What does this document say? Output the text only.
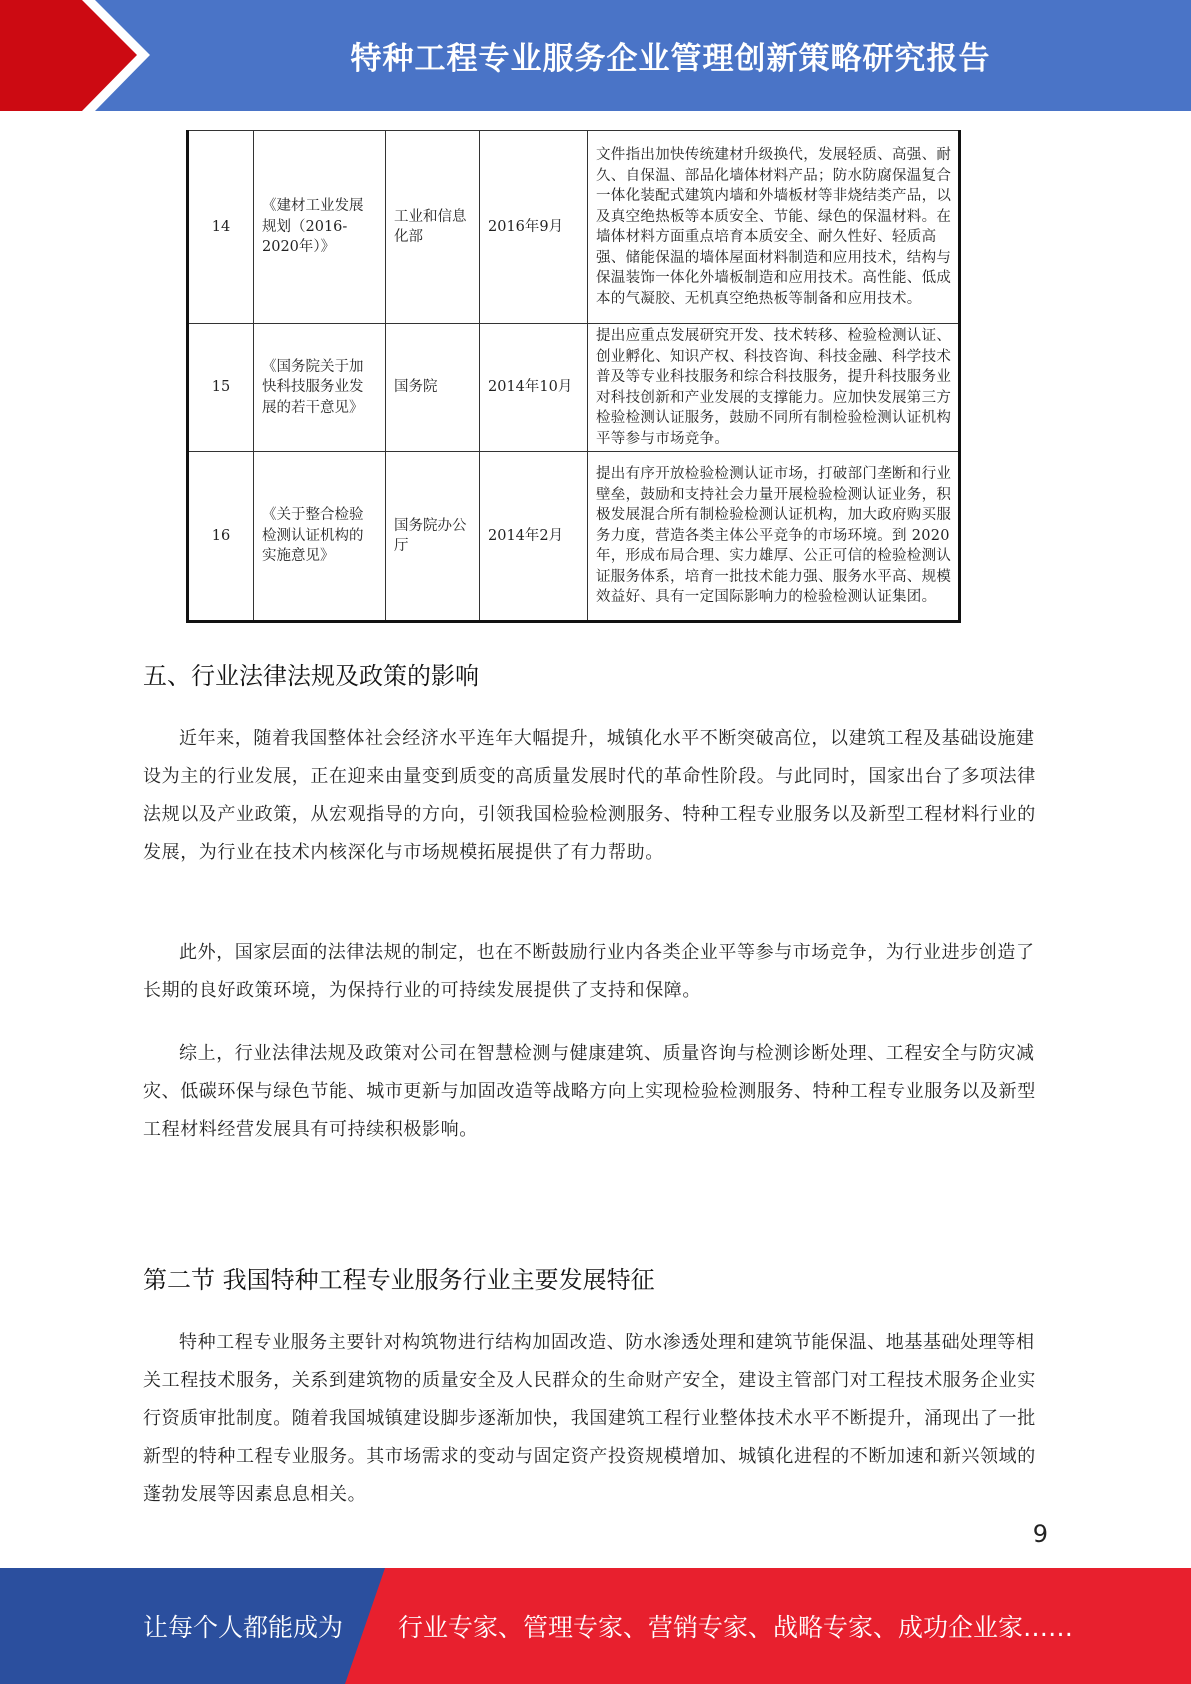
特种工程专业服务企业管理创新策略研究报告
14	《建材工业发展规划（2016-2020年）》	工业和信息化部	2016年9月	文件指出加快传统建材升级换代，发展轻质、高强、耐久、自保温、部品化墙体材料产品；防水防腐保温复合一体化装配式建筑内墙和外墙板材等非烧结类产品，以及真空绝热板等本质安全、节能、绿色的保温材料。在墙体材料方面重点培育本质安全、耐久性好、轻质高强、储能保温的墙体屋面材料制造和应用技术，结构与保温装饰一体化外墙板制造和应用技术。高性能、低成本的气凝胶、无机真空绝热板等制备和应用技术。
15	《国务院关于加快科技服务业发展的若干意见》	国务院	2014年10月	提出应重点发展研究开发、技术转移、检验检测认证、创业孵化、知识产权、科技咨询、科技金融、科学技术普及等专业科技服务和综合科技服务，提升科技服务业对科技创新和产业发展的支撑能力。应加快发展第三方检验检测认证服务，鼓励不同所有制检验检测认证机构平等参与市场竞争。
16	《关于整合检验检测认证机构的实施意见》	国务院办公厅	2014年2月	提出有序开放检验检测认证市场，打破部门垄断和行业壁垒，鼓励和支持社会力量开展检验检测认证业务，积极发展混合所有制检验检测认证机构，加大政府购买服务力度，营造各类主体公平竞争的市场环境。到 2020 年，形成布局合理、实力雄厚、公正可信的检验检测认证服务体系，培育一批技术能力强、服务水平高、规模效益好、具有一定国际影响力的检验检测认证集团。
五、行业法律法规及政策的影响

近年来，随着我国整体社会经济水平连年大幅提升，城镇化水平不断突破高位，以建筑工程及基础设施建设为主的行业发展，正在迎来由量变到质变的高质量发展时代的革命性阶段。与此同时，国家出台了多项法律法规以及产业政策，从宏观指导的方向，引领我国检验检测服务、特种工程专业服务以及新型工程材料行业的发展，为行业在技术内核深化与市场规模拓展提供了有力帮助。

此外，国家层面的法律法规的制定，也在不断鼓励行业内各类企业平等参与市场竞争，为行业进步创造了长期的良好政策环境，为保持行业的可持续发展提供了支持和保障。

综上，行业法律法规及政策对公司在智慧检测与健康建筑、质量咨询与检测诊断处理、工程安全与防灾减灾、低碳环保与绿色节能、城市更新与加固改造等战略方向上实现检验检测服务、特种工程专业服务以及新型工程材料经营发展具有可持续积极影响。

第二节 我国特种工程专业服务行业主要发展特征

特种工程专业服务主要针对构筑物进行结构加固改造、防水渗透处理和建筑节能保温、地基基础处理等相关工程技术服务，关系到建筑物的质量安全及人民群众的生命财产安全，建设主管部门对工程技术服务企业实行资质审批制度。随着我国城镇建设脚步逐渐加快，我国建筑工程行业整体技术水平不断提升，涌现出了一批新型的特种工程专业服务。其市场需求的变动与固定资产投资规模增加、城镇化进程的不断加速和新兴领域的蓬勃发展等因素息息相关。

9
让每个人都能成为 行业专家、管理专家、营销专家、战略专家、成功企业家……
